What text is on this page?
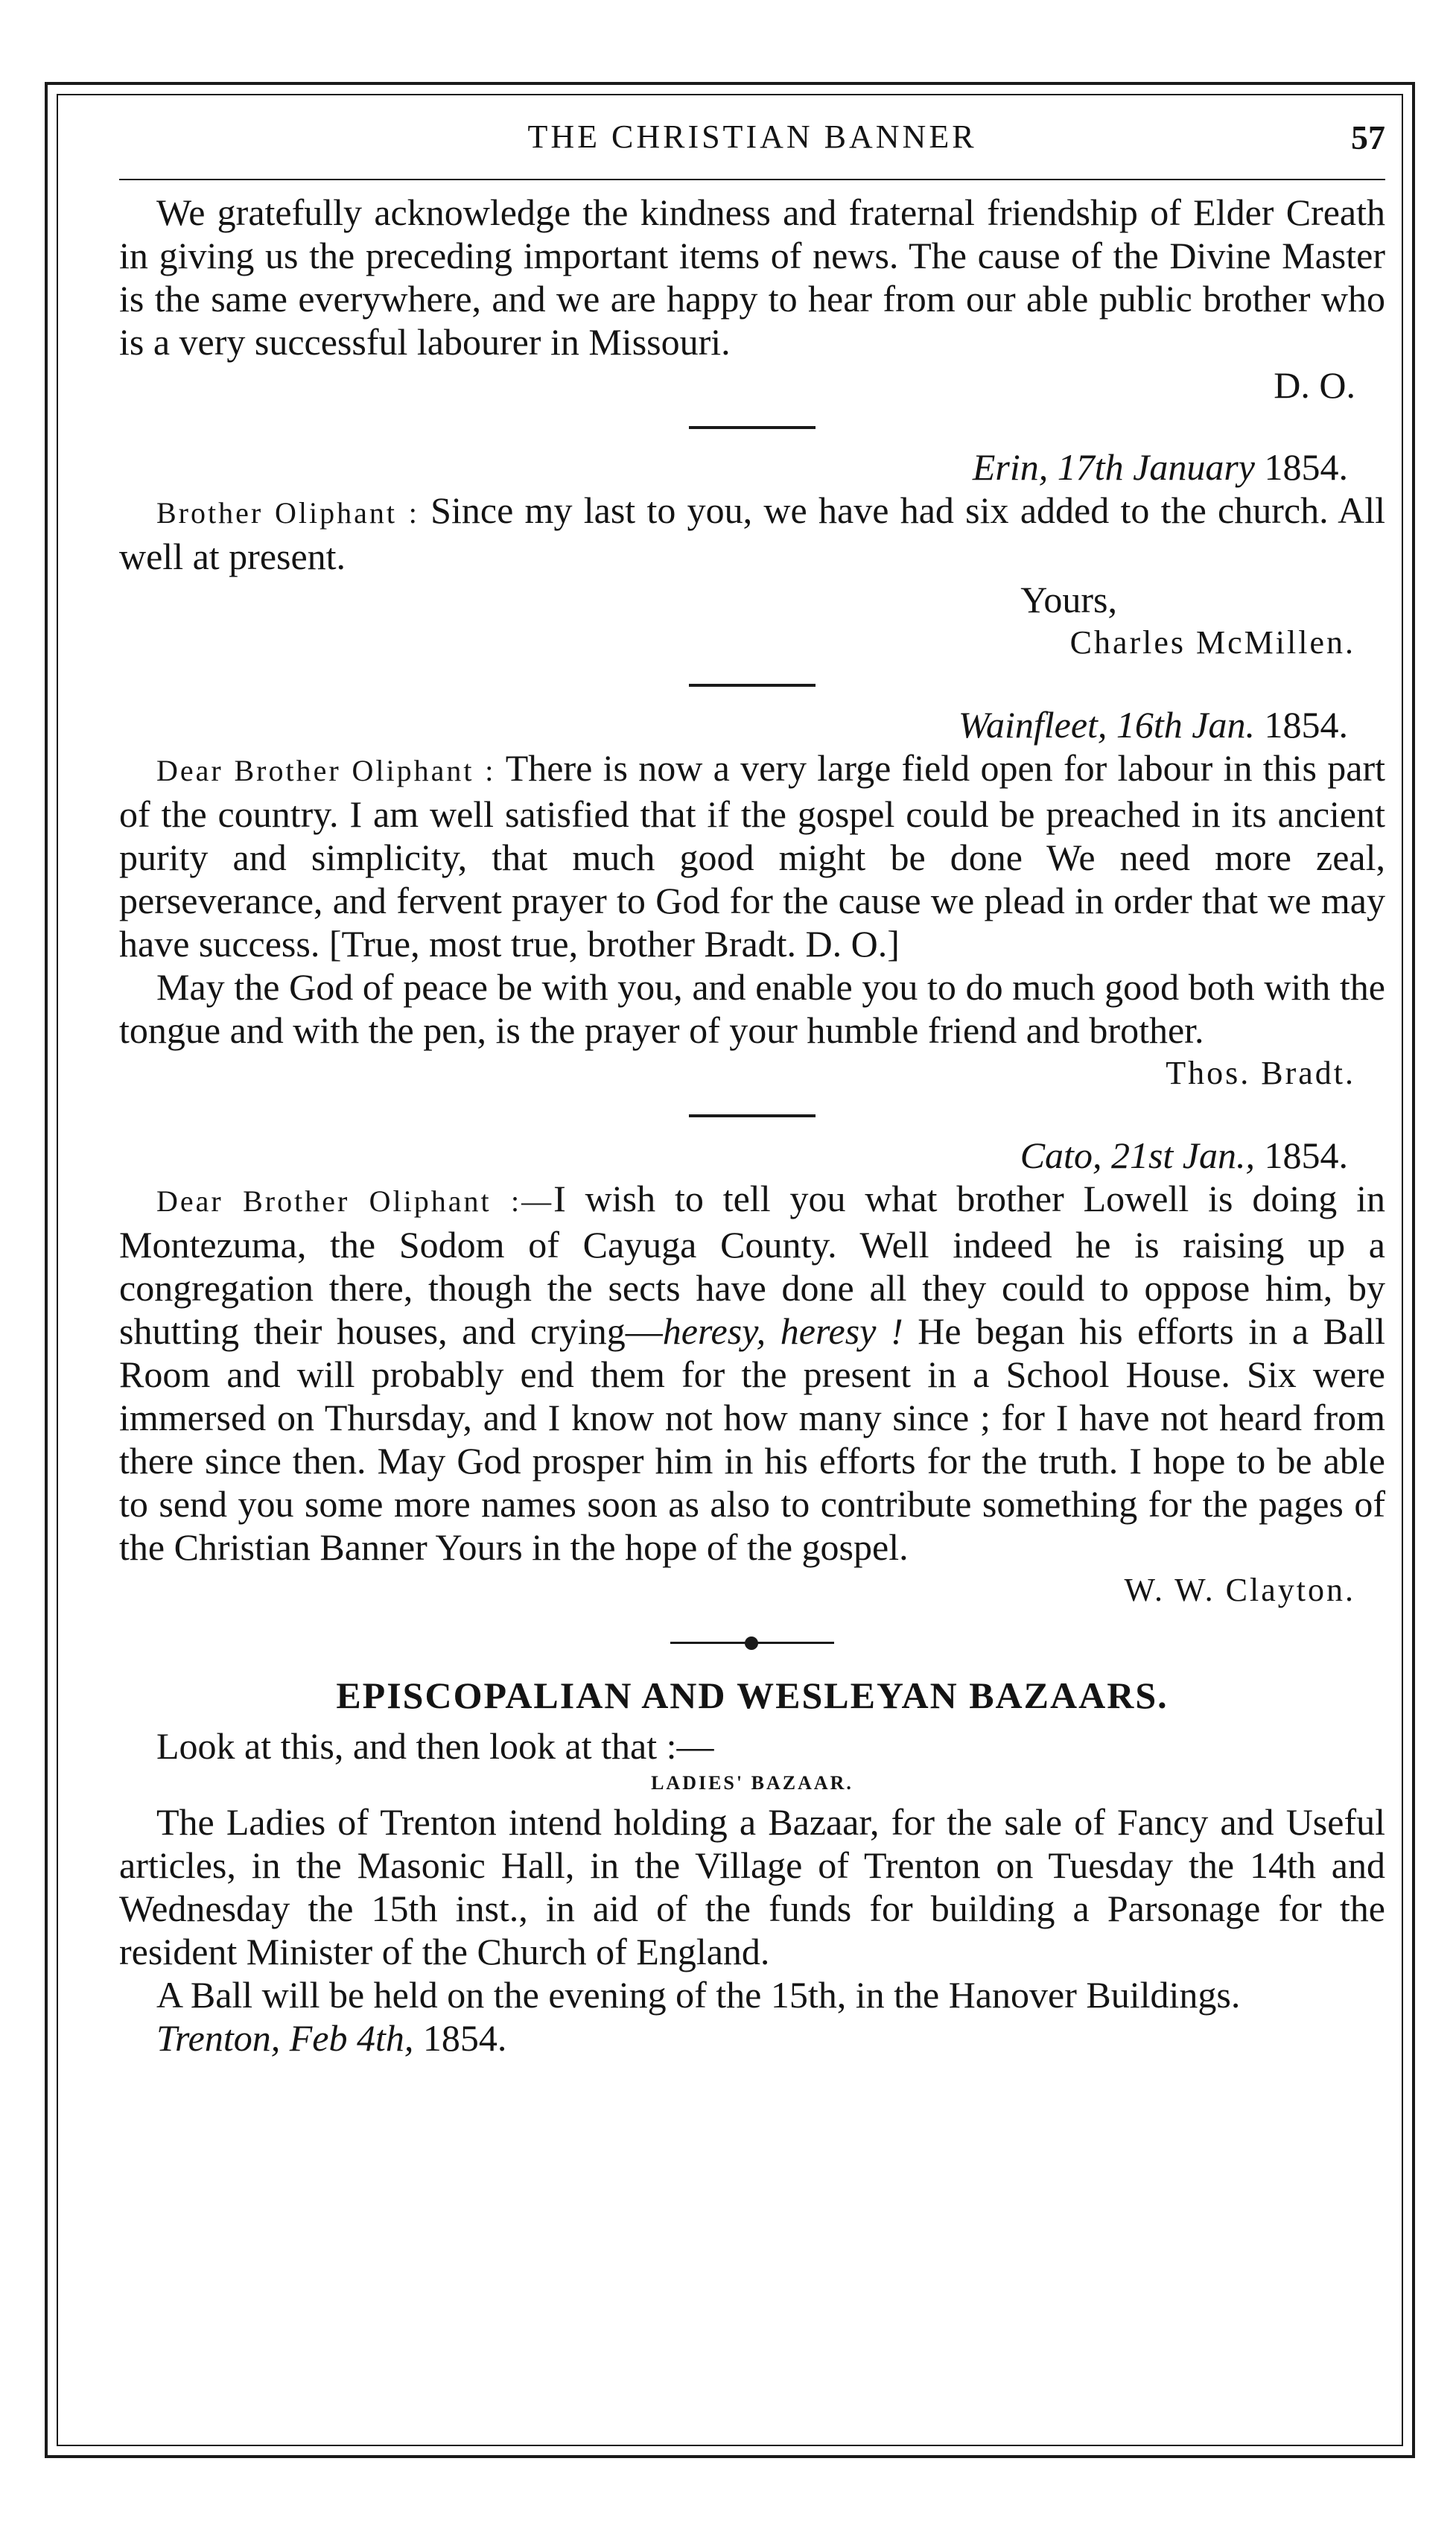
THE CHRISTIAN BANNER	57

We gratefully acknowledge the kindness and fraternal friendship of Elder Creath in giving us the preceding important items of news. The cause of the Divine Master is the same everywhere, and we are happy to hear from our able public brother who is a very successful labourer in Missouri.

D. O.

Erin, 17th January 1854.

Brother Oliphant : Since my last to you, we have had six added to the church. All well at present.

Yours,

Charles McMillen.

Wainfleet, 16th Jan. 1854.

Dear Brother Oliphant : There is now a very large field open for labour in this part of the country. I am well satisfied that if the gospel could be preached in its ancient purity and simplicity, that much good might be done We need more zeal, perseverance, and fervent prayer to God for the cause we plead in order that we may have success. [True, most true, brother Bradt. D. O.]

May the God of peace be with you, and enable you to do much good both with the tongue and with the pen, is the prayer of your humble friend and brother.

Thos. Bradt.

Cato, 21st Jan., 1854.

Dear Brother Oliphant :—I wish to tell you what brother Lowell is doing in Montezuma, the Sodom of Cayuga County. Well indeed he is raising up a congregation there, though the sects have done all they could to oppose him, by shutting their houses, and crying—heresy, heresy ! He began his efforts in a Ball Room and will probably end them for the present in a School House. Six were immersed on Thursday, and I know not how many since ; for I have not heard from there since then. May God prosper him in his efforts for the truth. I hope to be able to send you some more names soon as also to contribute something for the pages of the Christian Banner Yours in the hope of the gospel.

W. W. Clayton.

EPISCOPALIAN AND WESLEYAN BAZAARS.

Look at this, and then look at that :—

LADIES' BAZAAR.

The Ladies of Trenton intend holding a Bazaar, for the sale of Fancy and Useful articles, in the Masonic Hall, in the Village of Trenton on Tuesday the 14th and Wednesday the 15th inst., in aid of the funds for building a Parsonage for the resident Minister of the Church of England.

A Ball will be held on the evening of the 15th, in the Hanover Buildings.

Trenton, Feb 4th, 1854.
